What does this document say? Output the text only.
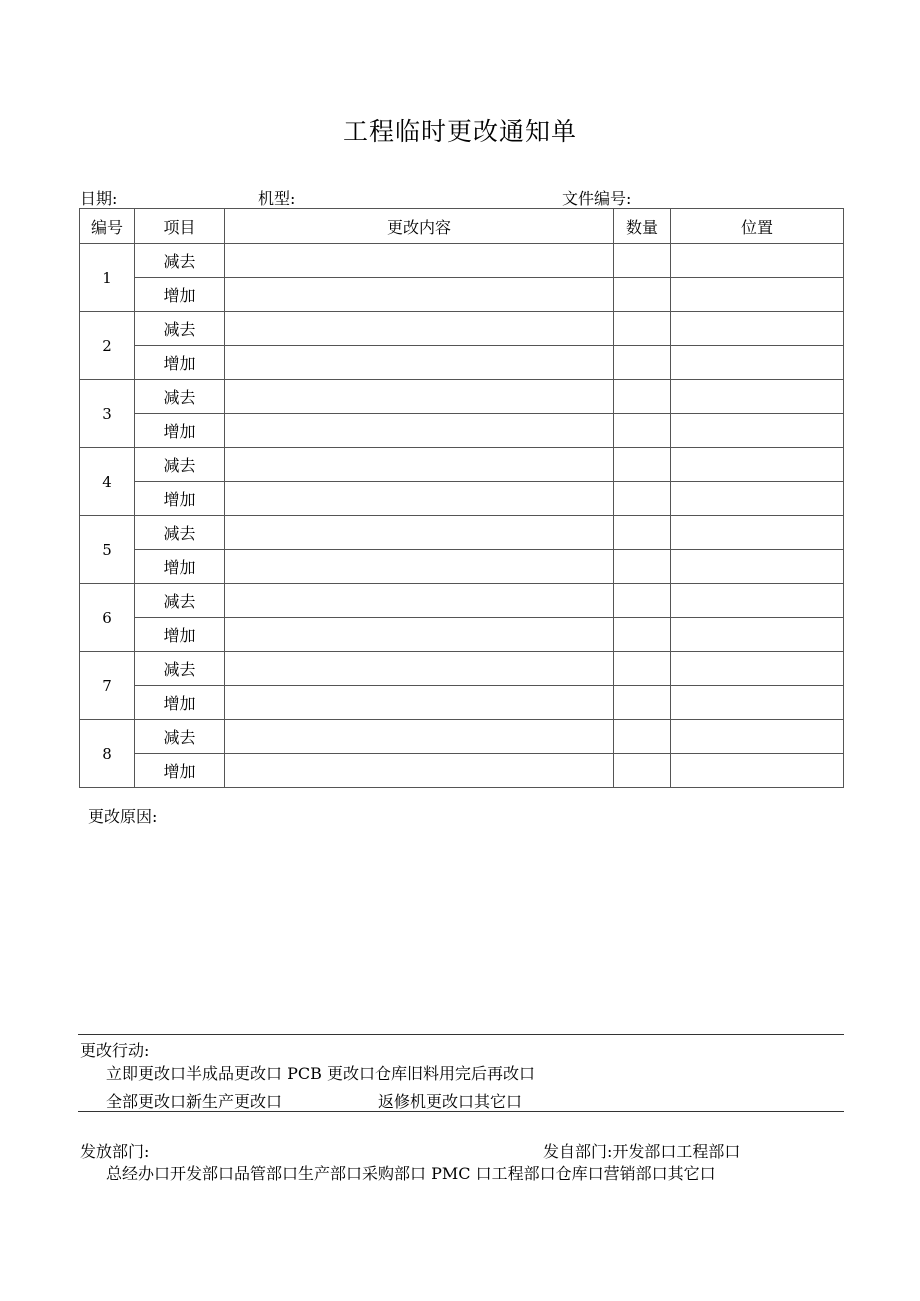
工程临时更改通知单
日期:	机型:	文件编号:
编号	项目	更改内容	数量	位置
1	减去			
	增加			
2	减去			
	增加			
3	减去			
	增加			
4	减去			
	增加			
5	减去			
	增加			
6	减去			
	增加			
7	减去			
	增加			
8	减去			
	增加			
更改原因:
更改行动:
立即更改口半成品更改口 PCB 更改口仓库旧料用完后再改口
全部更改口新生产更改口	返修机更改口其它口
发放部门:	发自部门:开发部口工程部口
总经办口开发部口品管部口生产部口采购部口 PMC 口工程部口仓库口营销部口其它口
